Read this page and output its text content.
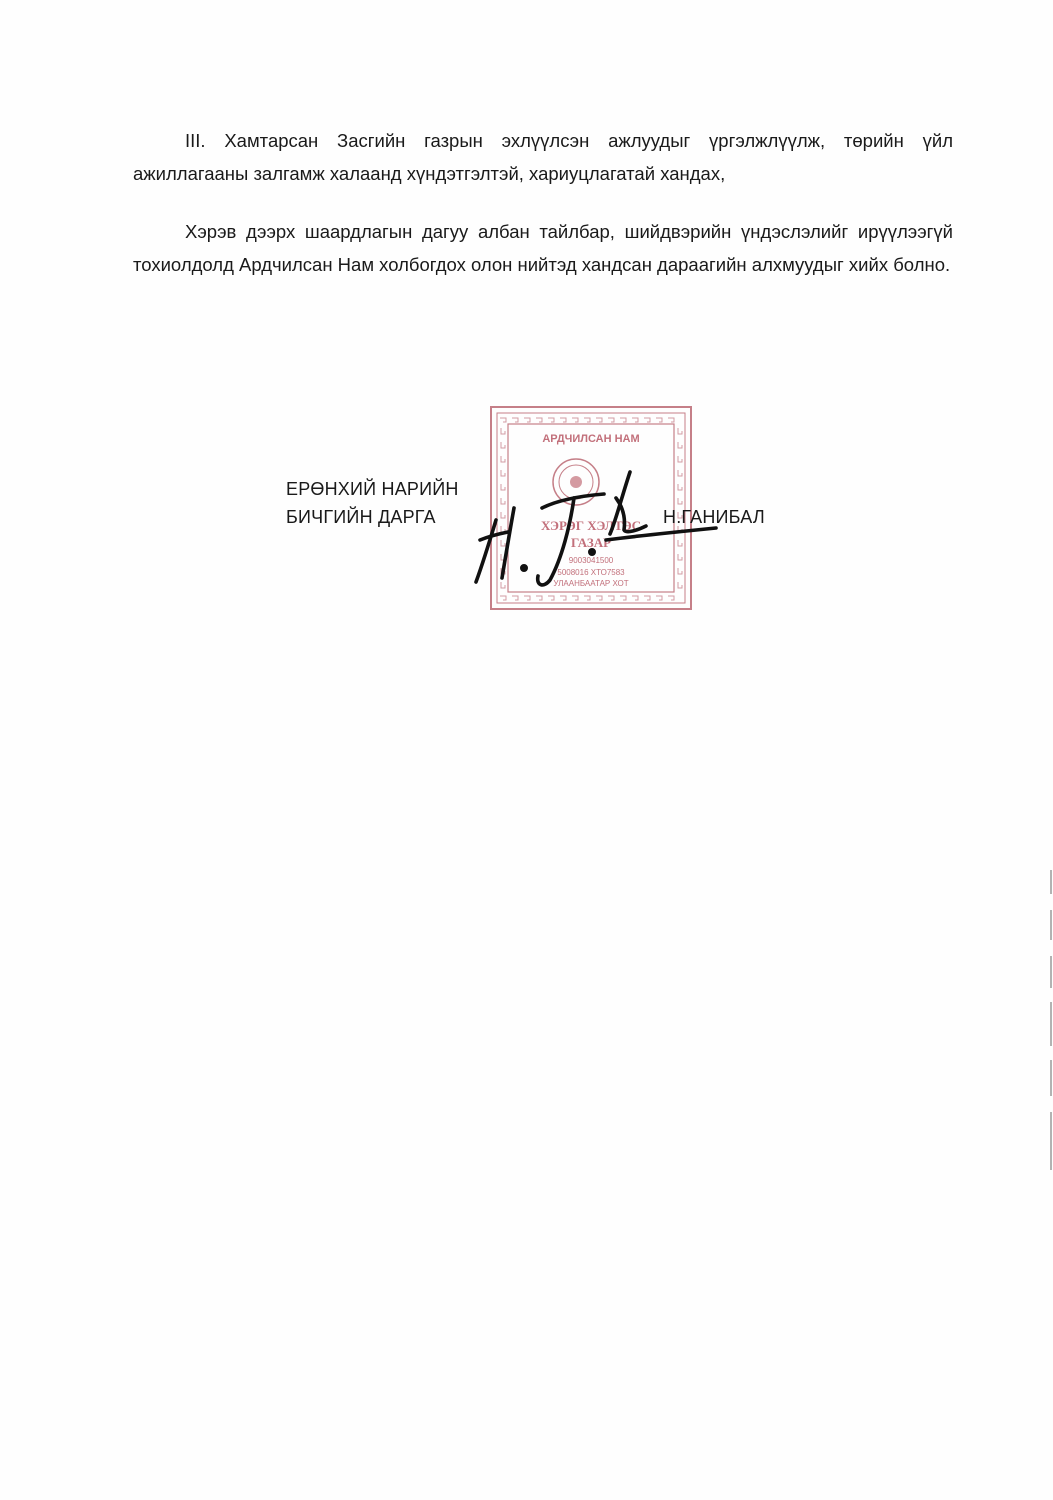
III. Хамтарсан Засгийн газрын эхлүүлсэн ажлуудыг үргэлжлүүлж, төрийн үйл ажиллагааны залгамж халаанд хүндэтгэлтэй, хариуцлагатай хандах,

Хэрэв дээрх шаардлагын дагуу албан тайлбар, шийдвэрийн үндэслэлийг ирүүлээгүй тохиолдолд Ардчилсан Нам холбогдох олон нийтэд хандсан дараагийн алхмуудыг хийх болно.

ЕРӨНХИЙ НАРИЙН
БИЧГИЙН ДАРГА
АРДЧИЛСАН НАМ
ХЭРЭГ ХЭЛТЭС
ГАЗАР
9003041500
5008016 ХТО7583
УЛААНБААТАР ХОТ
Н.ГАНИБАЛ
